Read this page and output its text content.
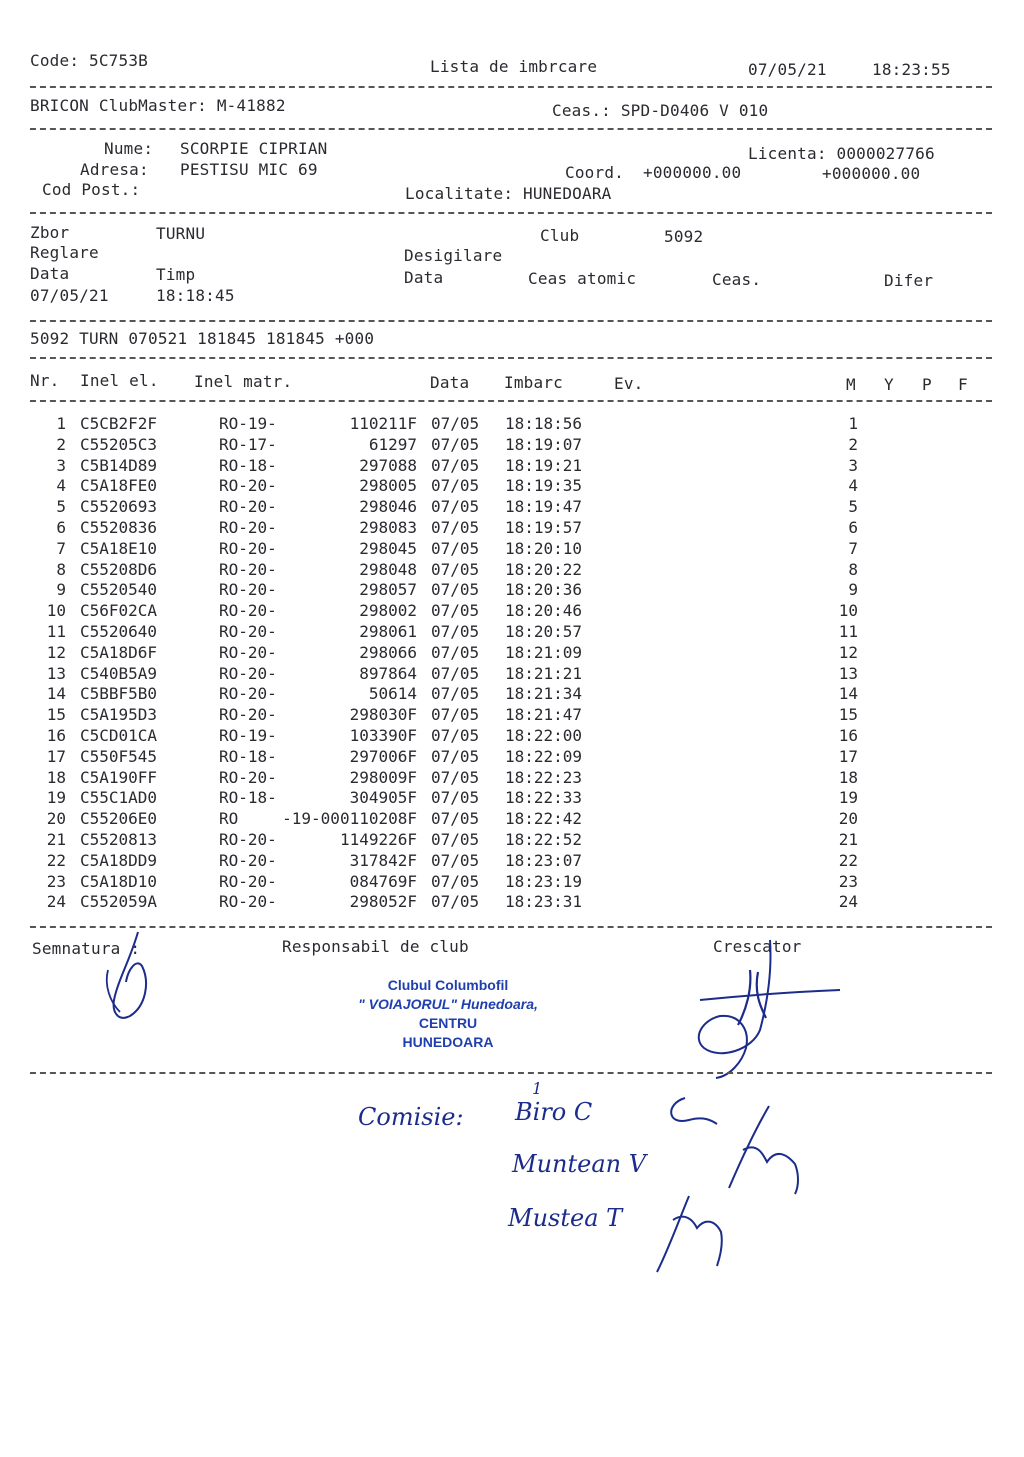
Code: 5C753B	Lista de imbrcare	07/05/21	18:23:55
BRICON ClubMaster: M-41882	Ceas.: SPD-D0406 V 010
Nume: SCORPIE CIPRIAN
Adresa: PESTISU MIC 69
Cod Post.:
Licenta: 0000027766
Coord. +000000.00	+000000.00
Localitate: HUNEDOARA
Zbor	TURNU	Club	5092
Reglare	Desigilare
Data	Timp	Data	Ceas atomic	Ceas.	Difer
07/05/21	18:18:45
5092 TURN 070521 181845 181845 +000
Nr. Inel el. Inel matr.	Data Imbarc	Ev.	M Y P F
1 C5CB2F2F	RO-19-	110211F 07/05 18:18:56	1
2 C55205C3	RO-17-	61297 07/05 18:19:07	2
3 C5B14D89	RO-18-	297088 07/05 18:19:21	3
4 C5A18FE0	RO-20-	298005 07/05 18:19:35	4
5 C5520693	RO-20-	298046 07/05 18:19:47	5
6 C5520836	RO-20-	298083 07/05 18:19:57	6
7 C5A18E10	RO-20-	298045 07/05 18:20:10	7
8 C55208D6	RO-20-	298048 07/05 18:20:22	8
9 C5520540	RO-20-	298057 07/05 18:20:36	9
10 C56F02CA	RO-20-	298002 07/05 18:20:46	10
11 C5520640	RO-20-	298061 07/05 18:20:57	11
12 C5A18D6F	RO-20-	298066 07/05 18:21:09	12
13 C540B5A9	RO-20-	897864 07/05 18:21:21	13
14 C5BBF5B0	RO-20-	50614 07/05 18:21:34	14
15 C5A195D3	RO-20-	298030F 07/05 18:21:47	15
16 C5CD01CA	RO-19-	103390F 07/05 18:22:00	16
17 C550F545	RO-18-	297006F 07/05 18:22:09	17
18 C5A190FF	RO-20-	298009F 07/05 18:22:23	18
19 C55C1AD0	RO-18-	304905F 07/05 18:22:33	19
20 C55206E0	RO	-19-000110208F 07/05 18:22:42	20
21 C5520813	RO-20-	1149226F 07/05 18:22:52	21
22 C5A18DD9	RO-20-	317842F 07/05 18:23:07	22
23 C5A18D10	RO-20-	084769F 07/05 18:23:19	23
24 C552059A	RO-20-	298052F 07/05 18:23:31	24
Semnatura :	Responsabil de club	Crescator
Clubul Columbofil
" VOIAJORUL" Hunedoara,
CENTRU
HUNEDOARA
1
Comisie: Biro C
Muntean V
Mustea T
